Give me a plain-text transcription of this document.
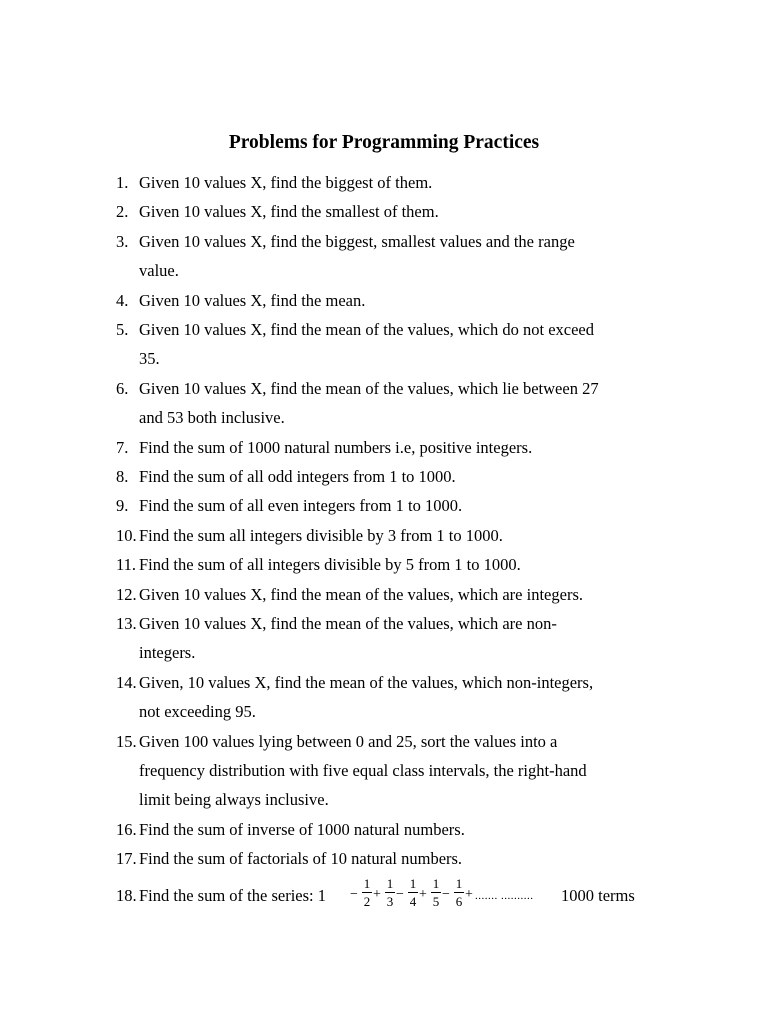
Problems for Programming Practices
1. Given 10 values X, find the biggest of them.
2. Given 10 values X, find the smallest of them.
3. Given 10 values X, find the biggest, smallest values and the range
value.
4. Given 10 values X, find the mean.
5. Given 10 values X, find the mean of the values, which do not exceed
35.
6. Given 10 values X, find the mean of the values, which lie between 27
and 53 both inclusive.
7. Find the sum of 1000 natural numbers i.e, positive integers.
8. Find the sum of all odd integers from 1 to 1000.
9. Find the sum of all even integers from 1 to 1000.
10. Find the sum all integers divisible by 3 from 1 to 1000.
11. Find the sum of all integers divisible by 5 from 1 to 1000.
12. Given 10 values X, find the mean of the values, which are integers.
13. Given 10 values X, find the mean of the values, which are non-
integers.
14. Given, 10 values X, find the mean of the values, which non-integers,
not exceeding 95.
15. Given 100 values lying between 0 and 25, sort the values into a
frequency distribution with five equal class intervals, the right-hand
limit being always inclusive.
16. Find the sum of inverse of 1000 natural numbers.
17. Find the sum of factorials of 10 natural numbers.
18. Find the sum of the series: 1	1000 terms
−
1
2 +
1
3 −
1
4 +
1
5 −
1
6 + ....... ..........
